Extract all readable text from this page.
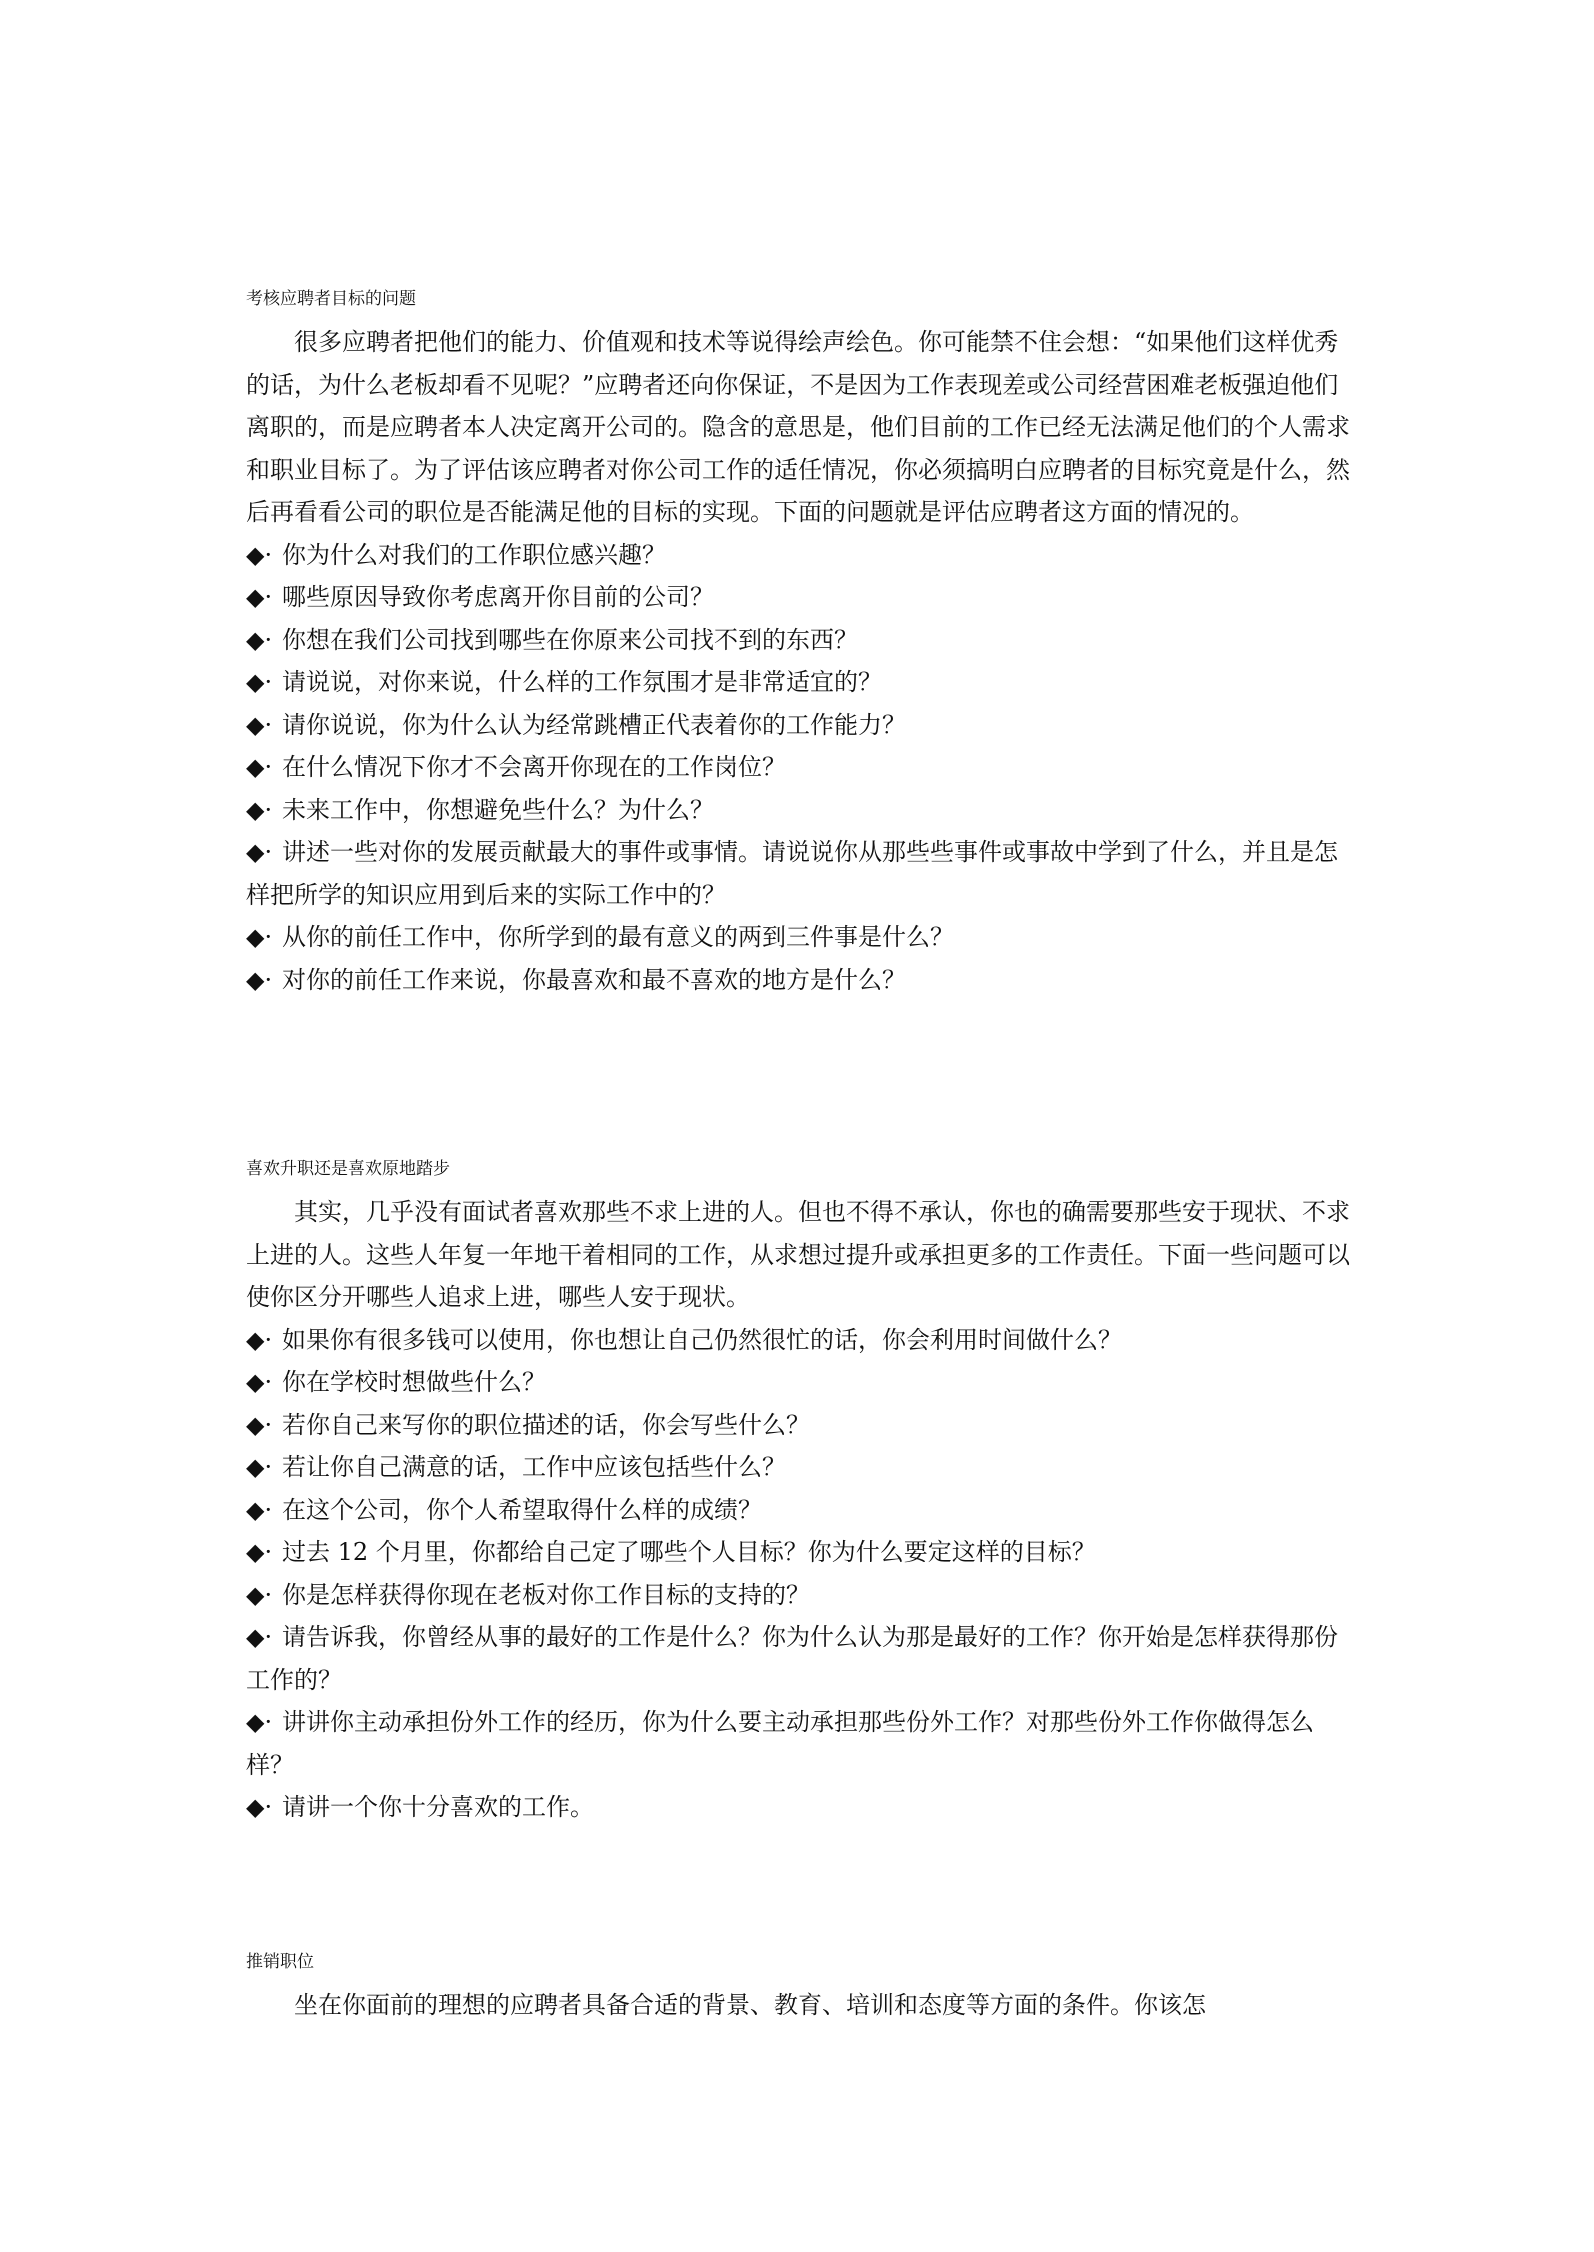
考核应聘者目标的问题

很多应聘者把他们的能力、价值观和技术等说得绘声绘色。你可能禁不住会想：“如果他们这样优秀的话，为什么老板却看不见呢？”应聘者还向你保证，不是因为工作表现差或公司经营困难老板强迫他们离职的，而是应聘者本人决定离开公司的。隐含的意思是，他们目前的工作已经无法满足他们的个人需求和职业目标了。为了评估该应聘者对你公司工作的适任情况，你必须搞明白应聘者的目标究竟是什么，然后再看看公司的职位是否能满足他的目标的实现。下面的问题就是评估应聘者这方面的情况的。

◆· 你为什么对我们的工作职位感兴趣？
◆· 哪些原因导致你考虑离开你目前的公司？
◆· 你想在我们公司找到哪些在你原来公司找不到的东西？
◆· 请说说，对你来说，什么样的工作氛围才是非常适宜的？
◆· 请你说说，你为什么认为经常跳槽正代表着你的工作能力？
◆· 在什么情况下你才不会离开你现在的工作岗位？
◆· 未来工作中，你想避免些什么？为什么？
◆· 讲述一些对你的发展贡献最大的事件或事情。请说说你从那些些事件或事故中学到了什么，并且是怎样把所学的知识应用到后来的实际工作中的？
◆· 从你的前任工作中，你所学到的最有意义的两到三件事是什么？
◆· 对你的前任工作来说，你最喜欢和最不喜欢的地方是什么？
喜欢升职还是喜欢原地踏步

其实，几乎没有面试者喜欢那些不求上进的人。但也不得不承认，你也的确需要那些安于现状、不求上进的人。这些人年复一年地干着相同的工作，从求想过提升或承担更多的工作责任。下面一些问题可以使你区分开哪些人追求上进，哪些人安于现状。

◆· 如果你有很多钱可以使用，你也想让自己仍然很忙的话，你会利用时间做什么？
◆· 你在学校时想做些什么？
◆· 若你自己来写你的职位描述的话，你会写些什么？
◆· 若让你自己满意的话，工作中应该包括些什么？
◆· 在这个公司，你个人希望取得什么样的成绩？
◆· 过去 12 个月里，你都给自己定了哪些个人目标？你为什么要定这样的目标？
◆· 你是怎样获得你现在老板对你工作目标的支持的？
◆· 请告诉我，你曾经从事的最好的工作是什么？你为什么认为那是最好的工作？你开始是怎样获得那份工作的？
◆· 讲讲你主动承担份外工作的经历，你为什么要主动承担那些份外工作？对那些份外工作你做得怎么样？
◆· 请讲一个你十分喜欢的工作。
推销职位

坐在你面前的理想的应聘者具备合适的背景、教育、培训和态度等方面的条件。你该怎
